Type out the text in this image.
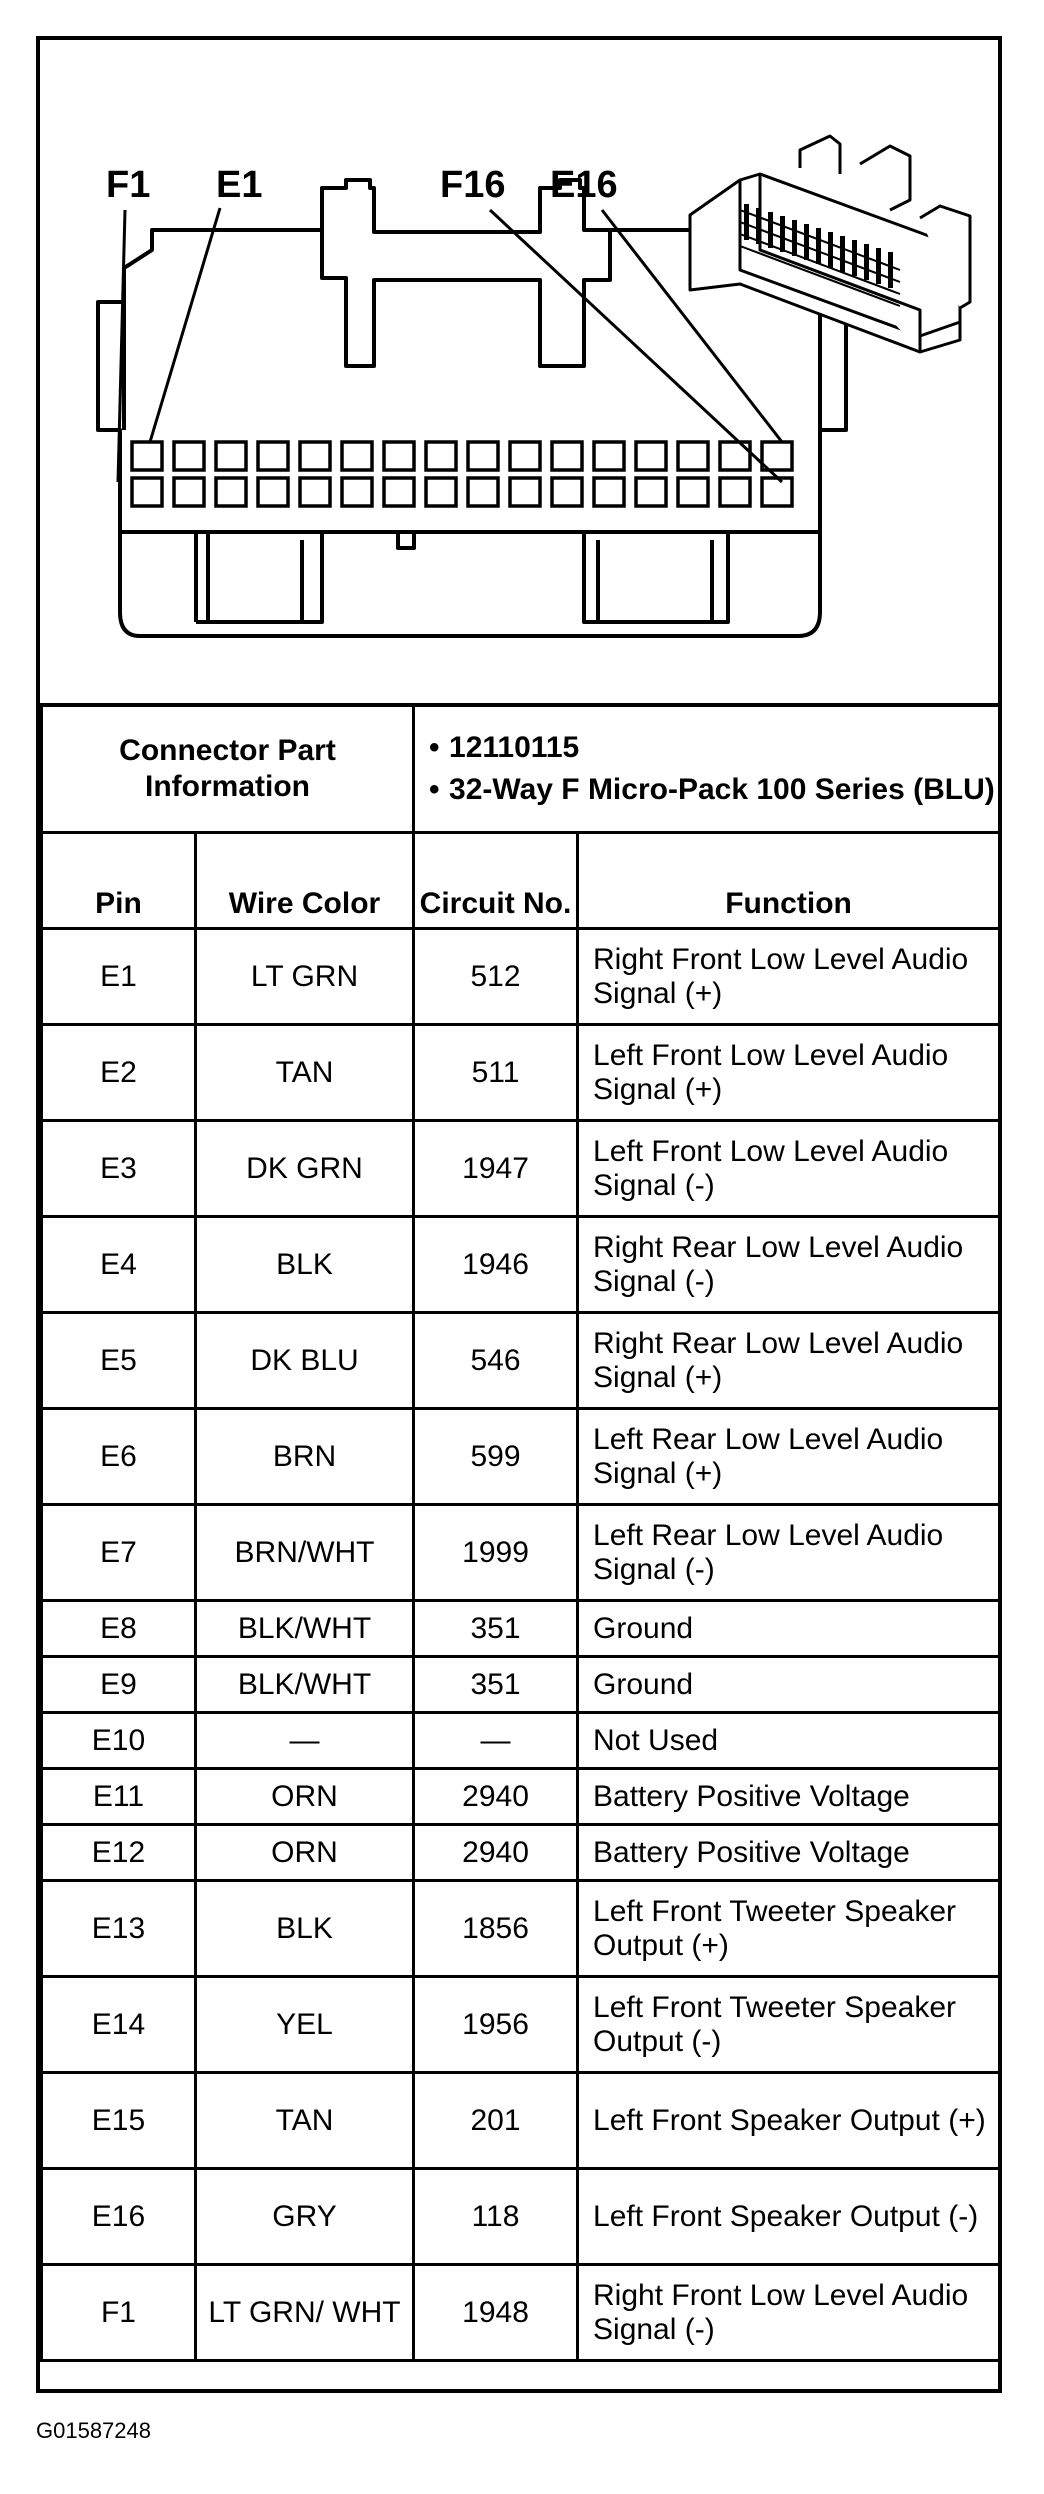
F1 E1	F16 E16
Connector Part Information		• 12110115
• 32-Way F Micro-Pack 100 Series (BLU)

Pin	Wire Color	Circuit No.	Function
E1	LT GRN	512	Right Front Low Level Audio Signal (+)
E2	TAN	511	Left Front Low Level Audio Signal (+)
E3	DK GRN	1947	Left Front Low Level Audio Signal (-)
E4	BLK	1946	Right Rear Low Level Audio Signal (-)
E5	DK BLU	546	Right Rear Low Level Audio Signal (+)
E6	BRN	599	Left Rear Low Level Audio Signal (+)
E7	BRN/WHT	1999	Left Rear Low Level Audio Signal (-)
E8	BLK/WHT	351	Ground
E9	BLK/WHT	351	Ground
E10	—	—	Not Used
E11	ORN	2940	Battery Positive Voltage
E12	ORN	2940	Battery Positive Voltage
E13	BLK	1856	Left Front Tweeter Speaker Output (+)
E14	YEL	1956	Left Front Tweeter Speaker Output (-)
E15	TAN	201	Left Front Speaker Output (+)
E16	GRY	118	Left Front Speaker Output (-)
F1	LT GRN/ WHT	1948	Right Front Low Level Audio Signal (-)
G01587248
